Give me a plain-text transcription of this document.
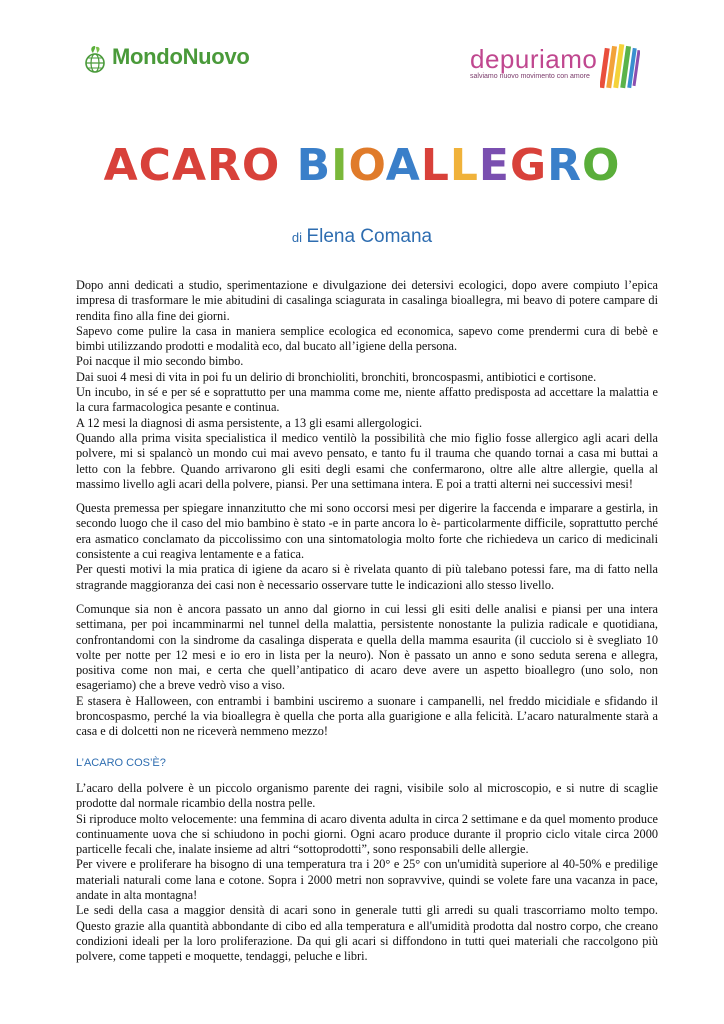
MondoNuovo	depuriamo
salviamo nuovo movimento con amore
ACARO BIOALLEGRO
di Elena Comana

Dopo anni dedicati a studio, sperimentazione e divulgazione dei detersivi ecologici, dopo avere compiuto l’epica impresa di trasformare le mie abitudini di casalinga sciagurata in casalinga bioallegra, mi beavo di potere campare di rendita fino alla fine dei giorni.

Sapevo come pulire la casa in maniera semplice ecologica ed economica, sapevo come prendermi cura di bebè e bimbi utilizzando prodotti e modalità eco, dal bucato all’igiene della persona.

Poi nacque il mio secondo bimbo.

Dai suoi 4 mesi di vita in poi fu un delirio di bronchioliti, bronchiti, broncospasmi, antibiotici e cortisone.

Un incubo, in sé e per sé e soprattutto per una mamma come me, niente affatto predisposta ad accettare la malattia e la cura farmacologica pesante e continua.

A 12 mesi la diagnosi di asma persistente, a 13 gli esami allergologici.

Quando alla prima visita specialistica il medico ventilò la possibilità che mio figlio fosse allergico agli acari della polvere, mi si spalancò un mondo cui mai avevo pensato, e tanto fu il trauma che quando tornai a casa mi buttai a letto con la febbre. Quando arrivarono gli esiti degli esami che confermarono, oltre alle altre allergie, quella al massimo livello agli acari della polvere, piansi. Per una settimana intera. E poi a tratti alterni nei successivi mesi!

Questa premessa per spiegare innanzitutto che mi sono occorsi mesi per digerire la faccenda e imparare a gestirla, in secondo luogo che il caso del mio bambino è stato -e in parte ancora lo è- particolarmente difficile, soprattutto perché era asmatico conclamato da piccolissimo con una sintomatologia molto forte che richiedeva un carico di medicinali consistente a cui reagiva lentamente e a fatica.

Per questi motivi la mia pratica di igiene da acaro si è rivelata quanto di più talebano potessi fare, ma di fatto nella stragrande maggioranza dei casi non è necessario osservare tutte le indicazioni allo stesso livello.

Comunque sia non è ancora passato un anno dal giorno in cui lessi gli esiti delle analisi e piansi per una intera settimana, per poi incamminarmi nel tunnel della malattia, persistente nonostante la pulizia radicale e quotidiana, confrontandomi con la sindrome da casalinga disperata e quella della mamma esaurita (il cucciolo si è svegliato 10 volte per notte per 12 mesi e io ero in lista per la neuro). Non è passato un anno e sono seduta serena e allegra, positiva come non mai, e certa che quell’antipatico di acaro deve avere un aspetto bioallegro (uno solo, non esageriamo) che a breve vedrò viso a viso.

E stasera è Halloween, con entrambi i bambini usciremo a suonare i campanelli, nel freddo micidiale e sfidando il broncospasmo, perché la via bioallegra è quella che porta alla guarigione e alla felicità. L’acaro naturalmente starà a casa e di dolcetti non ne riceverà nemmeno mezzo!

L’ACARO COS’È?

L’acaro della polvere è un piccolo organismo parente dei ragni, visibile solo al microscopio, e si nutre di scaglie prodotte dal normale ricambio della nostra pelle.

Si riproduce molto velocemente: una femmina di acaro diventa adulta in circa 2 settimane e da quel momento produce continuamente uova che si schiudono in pochi giorni. Ogni acaro produce durante il proprio ciclo vitale circa 2000 particelle fecali che, inalate insieme ad altri “sottoprodotti”, sono responsabili delle allergie.

Per vivere e proliferare ha bisogno di una temperatura tra i 20° e 25° con un'umidità superiore al 40-50% e predilige materiali naturali come lana e cotone. Sopra i 2000 metri non sopravvive, quindi se volete fare una vacanza in pace, andate in alta montagna!

Le sedi della casa a maggior densità di acari sono in generale tutti gli arredi su quali trascorriamo molto tempo. Questo grazie alla quantità abbondante di cibo ed alla temperatura e all'umidità prodotta dal nostro corpo, che creano condizioni ideali per la loro proliferazione. Da qui gli acari si diffondono in tutti quei materiali che raccolgono più polvere, come tappeti e moquette, tendaggi, peluche e libri.
